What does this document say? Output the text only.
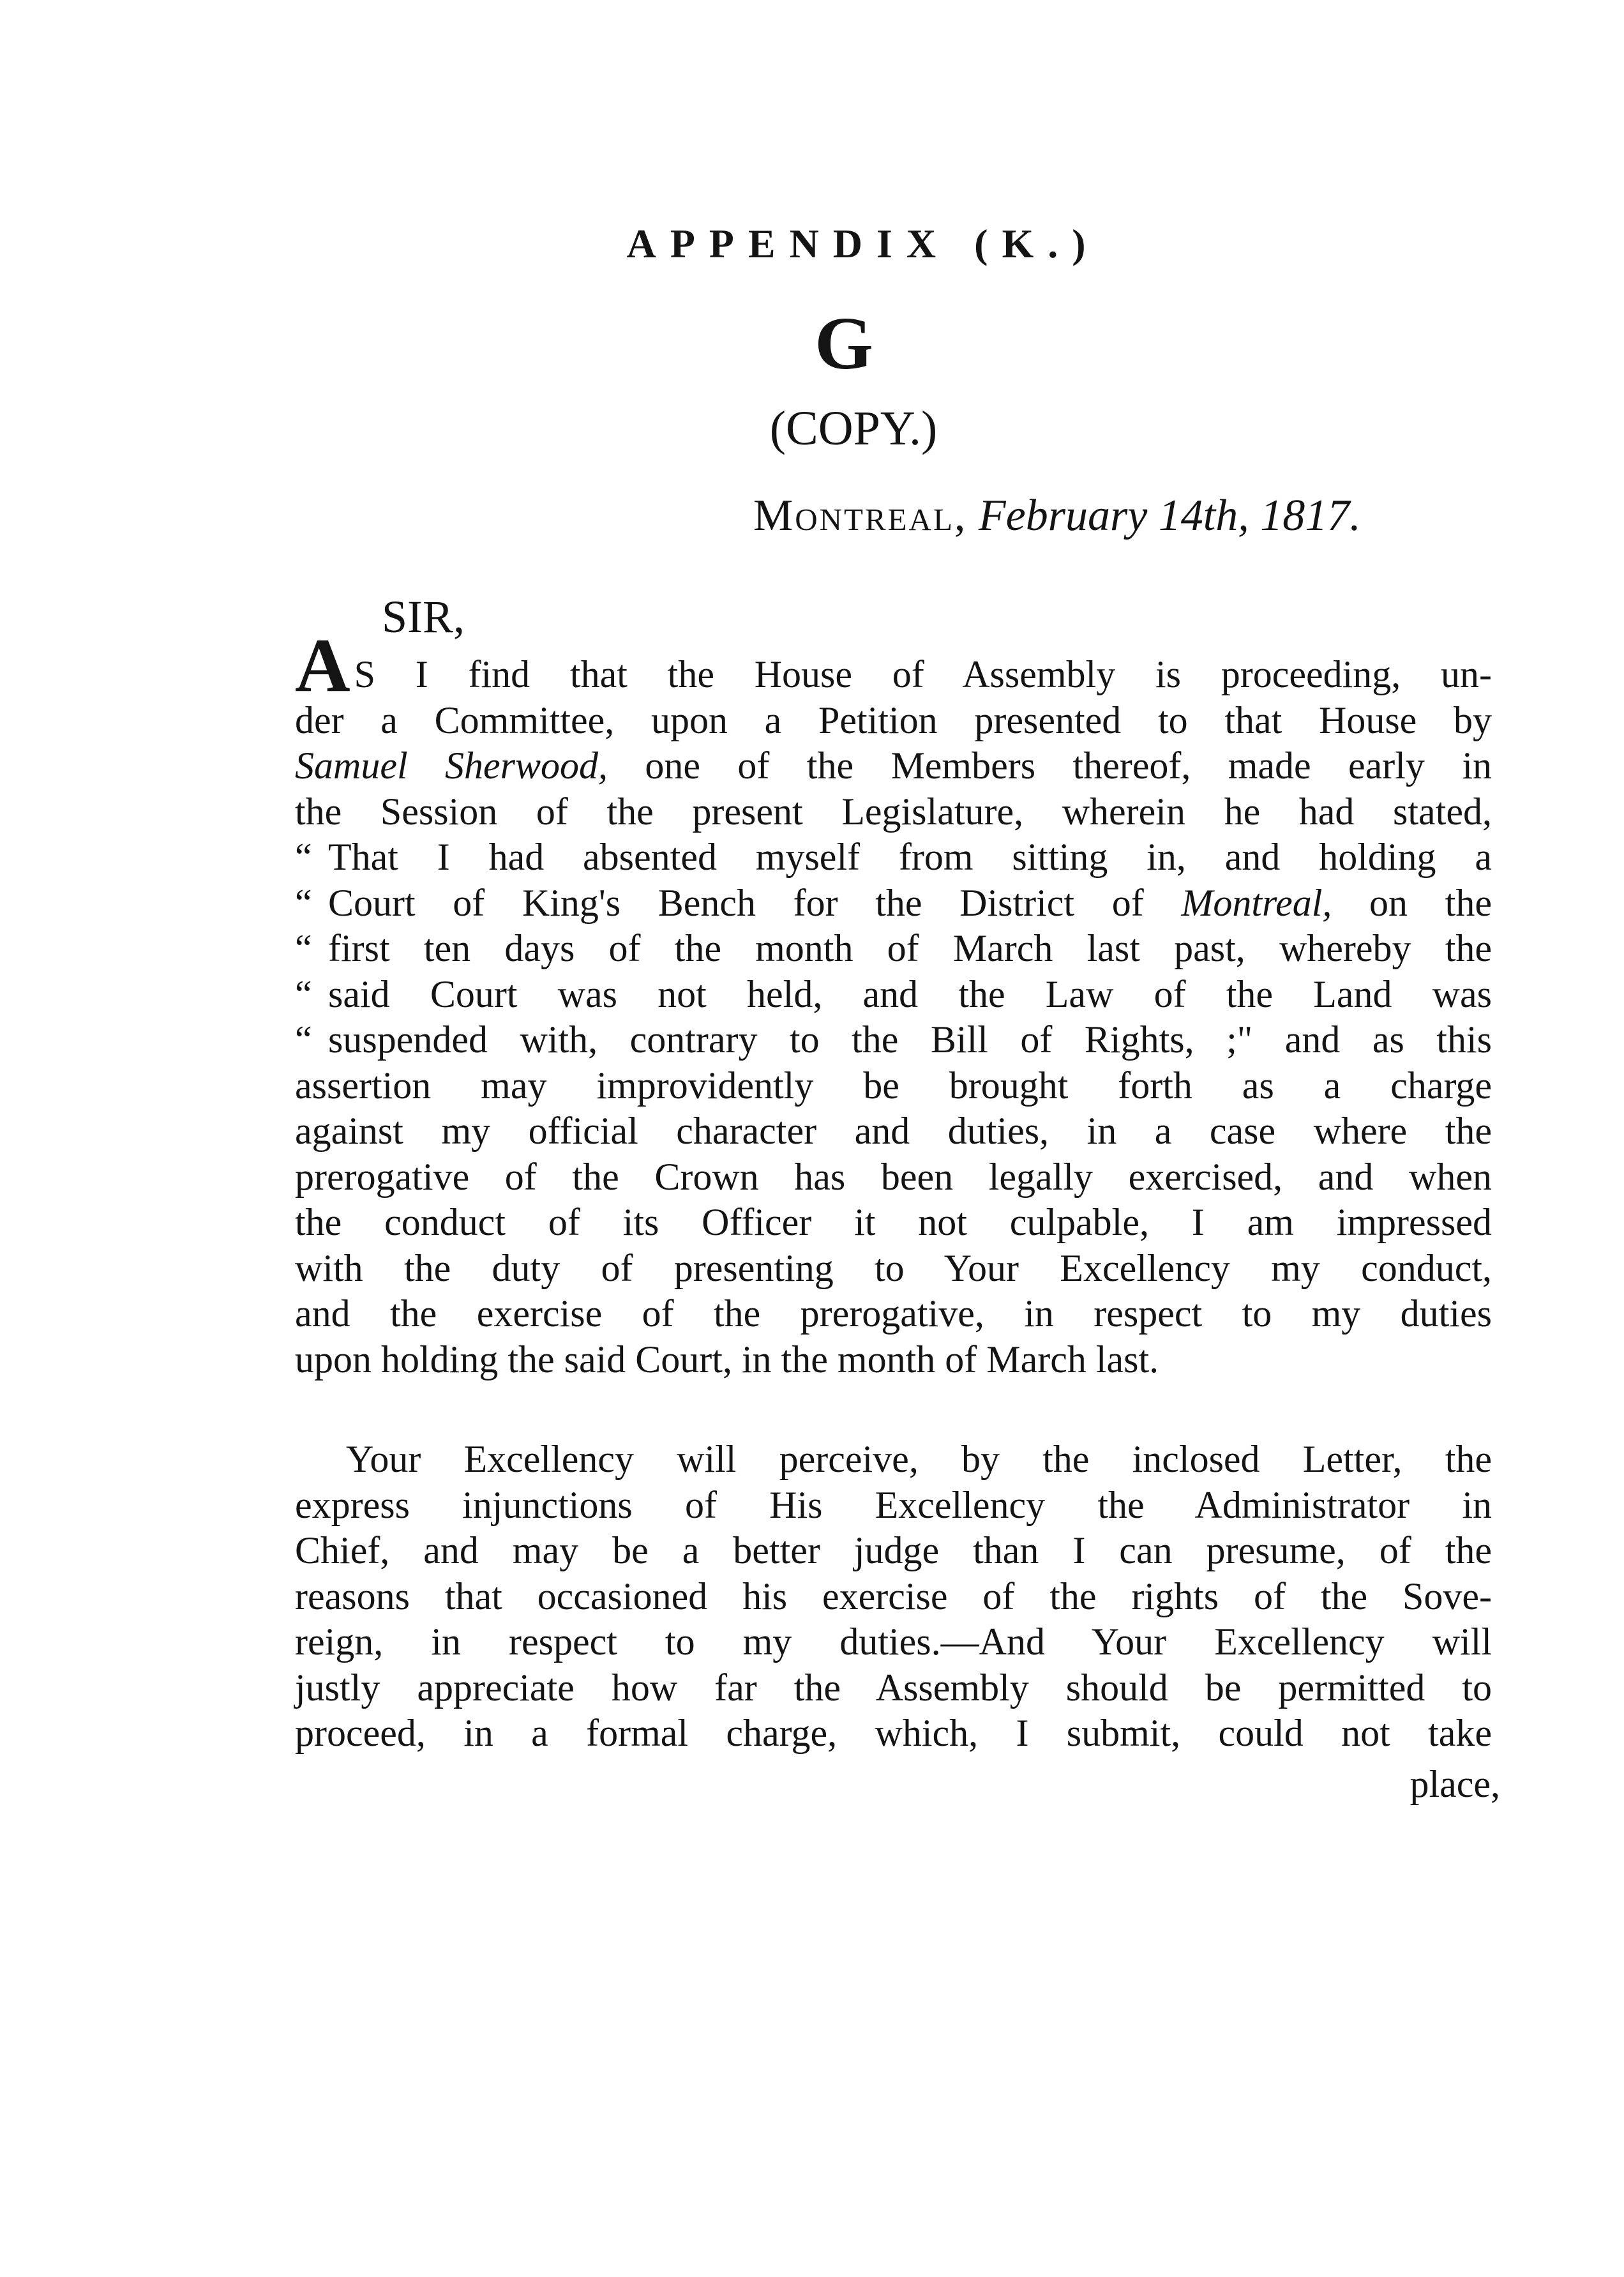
APPENDIX (K.)
G
(COPY.)
Montreal, February 14th, 1817.
SIR,
A S I find that the House of Assembly is proceeding, un-
der a Committee, upon a Petition presented to that House by
Samuel Sherwood, one of the Members thereof, made early in
the Session of the present Legislature, wherein he had stated,
“ That I had absented myself from sitting in, and holding a
“ Court of King's Bench for the District of Montreal, on the
“ first ten days of the month of March last past, whereby the
“ said Court was not held, and the Law of the Land was
“ suspended with, contrary to the Bill of Rights, ;" and as this
assertion may improvidently be brought forth as a charge
against my official character and duties, in a case where the
prerogative of the Crown has been legally exercised, and when
the conduct of its Officer it not culpable, I am impressed
with the duty of presenting to Your Excellency my conduct,
and the exercise of the prerogative, in respect to my duties
upon holding the said Court, in the month of March last.
Your Excellency will perceive, by the inclosed Letter, the
express injunctions of His Excellency the Administrator in
Chief, and may be a better judge than I can presume, of the
reasons that occasioned his exercise of the rights of the Sove-
reign, in respect to my duties.—And Your Excellency will
justly appreciate how far the Assembly should be permitted to
proceed, in a formal charge, which, I submit, could not take
place,
